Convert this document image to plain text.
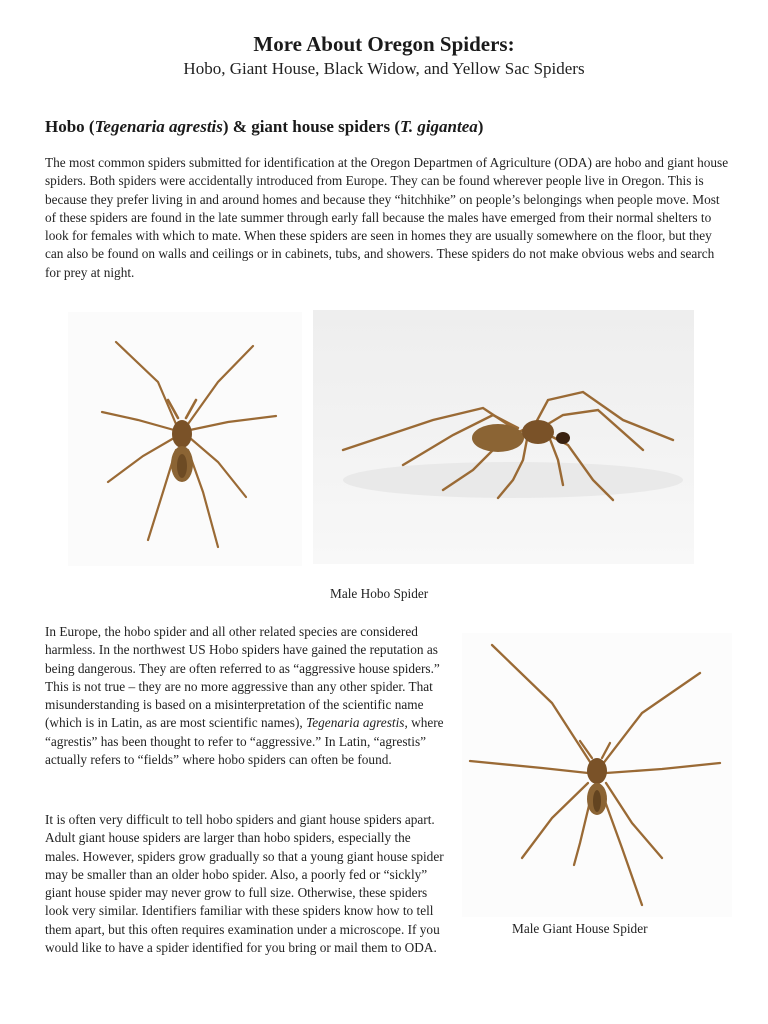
More About Oregon Spiders:
Hobo, Giant House, Black Widow, and Yellow Sac Spiders
Hobo (Tegenaria agrestis) & giant house spiders (T. gigantea)
The most common spiders submitted for identification at the Oregon Departmen of Agriculture (ODA) are hobo and giant house spiders. Both spiders were accidentally introduced from Europe. They can be found wherever people live in Oregon. This is because they prefer living in and around homes and because they “hitchhike” on people’s belongings when people move. Most of these spiders are found in the late summer through early fall because the males have emerged from their normal shelters to look for females with which to mate. When these spiders are seen in homes they are usually somewhere on the floor, but they can also be found on walls and ceilings or in cabinets, tubs, and showers. These spiders do not make obvious webs and search for prey at night.
Male Hobo Spider
In Europe, the hobo spider and all other related species are considered harmless. In the northwest US Hobo spiders have gained the reputation as being dangerous. They are often referred to as “aggressive house spiders.” This is not true – they are no more aggressive than any other spider. That misunderstanding is based on a misinterpretation of the scientific name (which is in Latin, as are most scientific names), Tegenaria agrestis, where “agrestis” has been thought to refer to “aggressive.” In Latin, “agrestis” actually refers to “fields” where hobo spiders can often be found.
It is often very difficult to tell hobo spiders and giant house spiders apart. Adult giant house spiders are larger than hobo spiders, especially the males. However, spiders grow gradually so that a young giant house spider may be smaller than an older hobo spider. Also, a poorly fed or “sickly” giant house spider may never grow to full size. Otherwise, these spiders look very similar. Identifiers familiar with these spiders know how to tell them apart, but this often requires examination under a microscope. If you would like to have a spider identified for you bring or mail them to ODA.
Male Giant House Spider
